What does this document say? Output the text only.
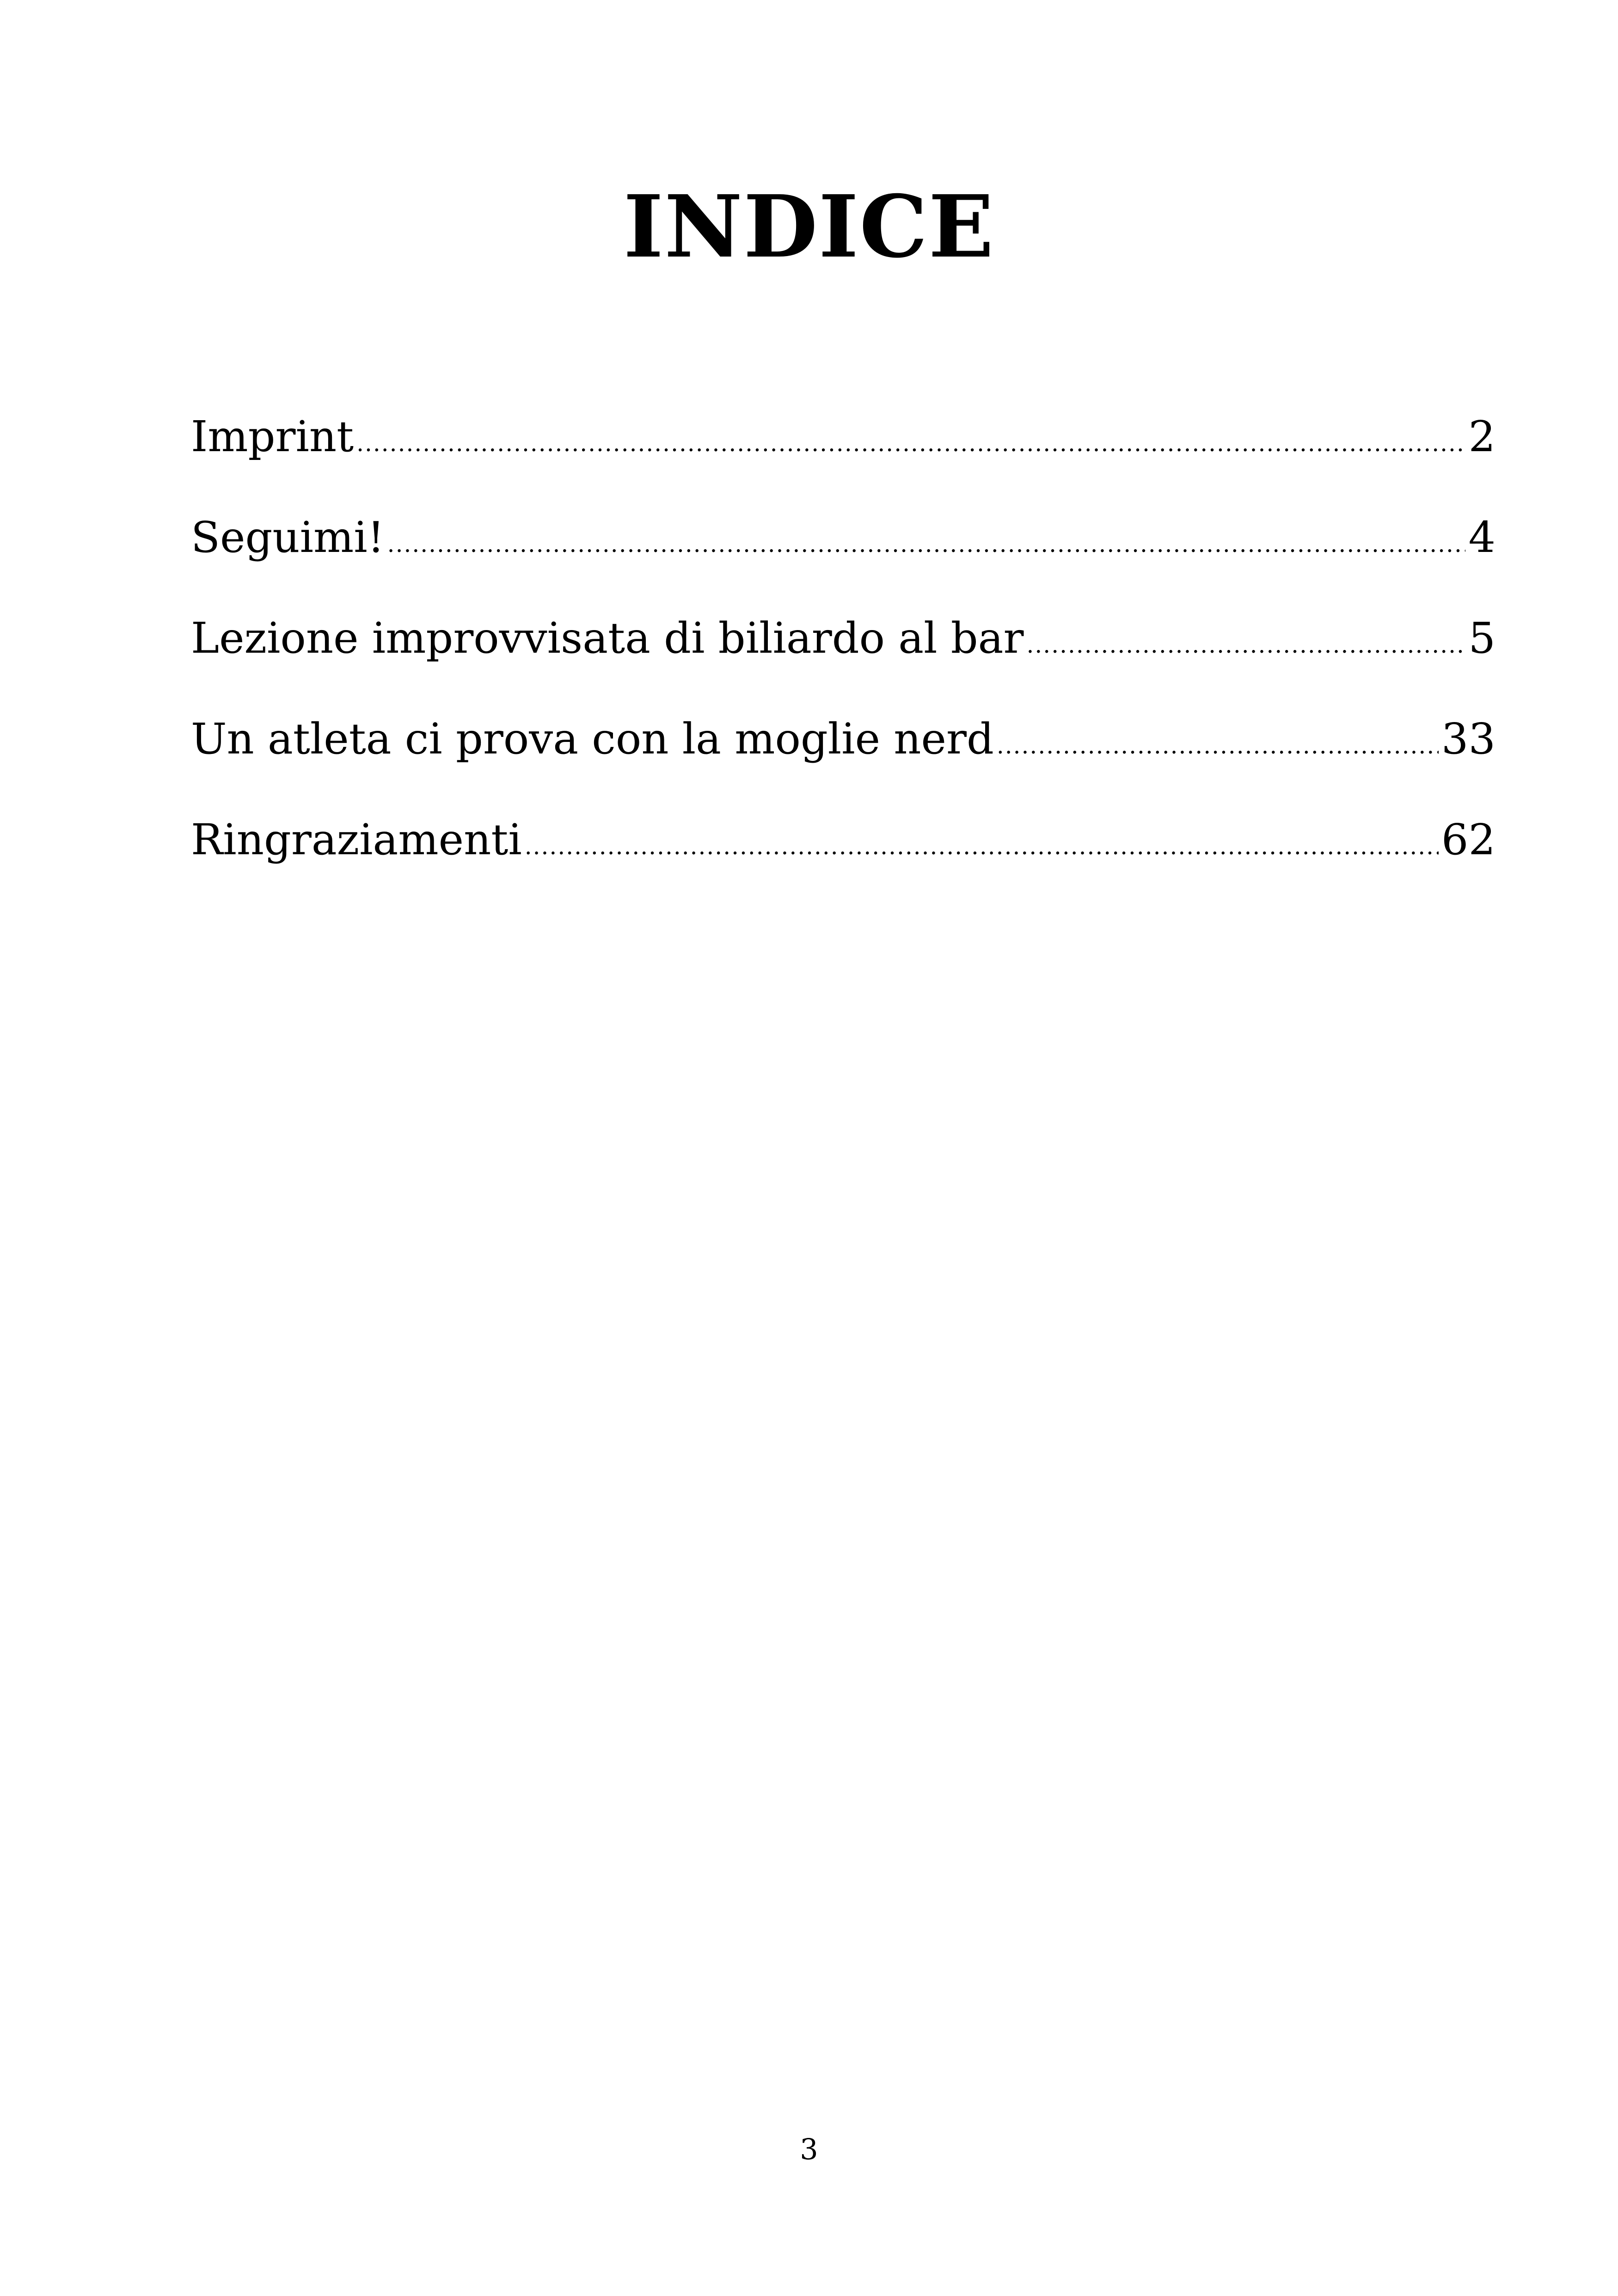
INDICE
Imprint .....	2
Seguimi! .....	4
Lezione improvvisata di biliardo al bar .....	5
Un atleta ci prova con la moglie nerd .....	33
Ringraziamenti .....	62
3
